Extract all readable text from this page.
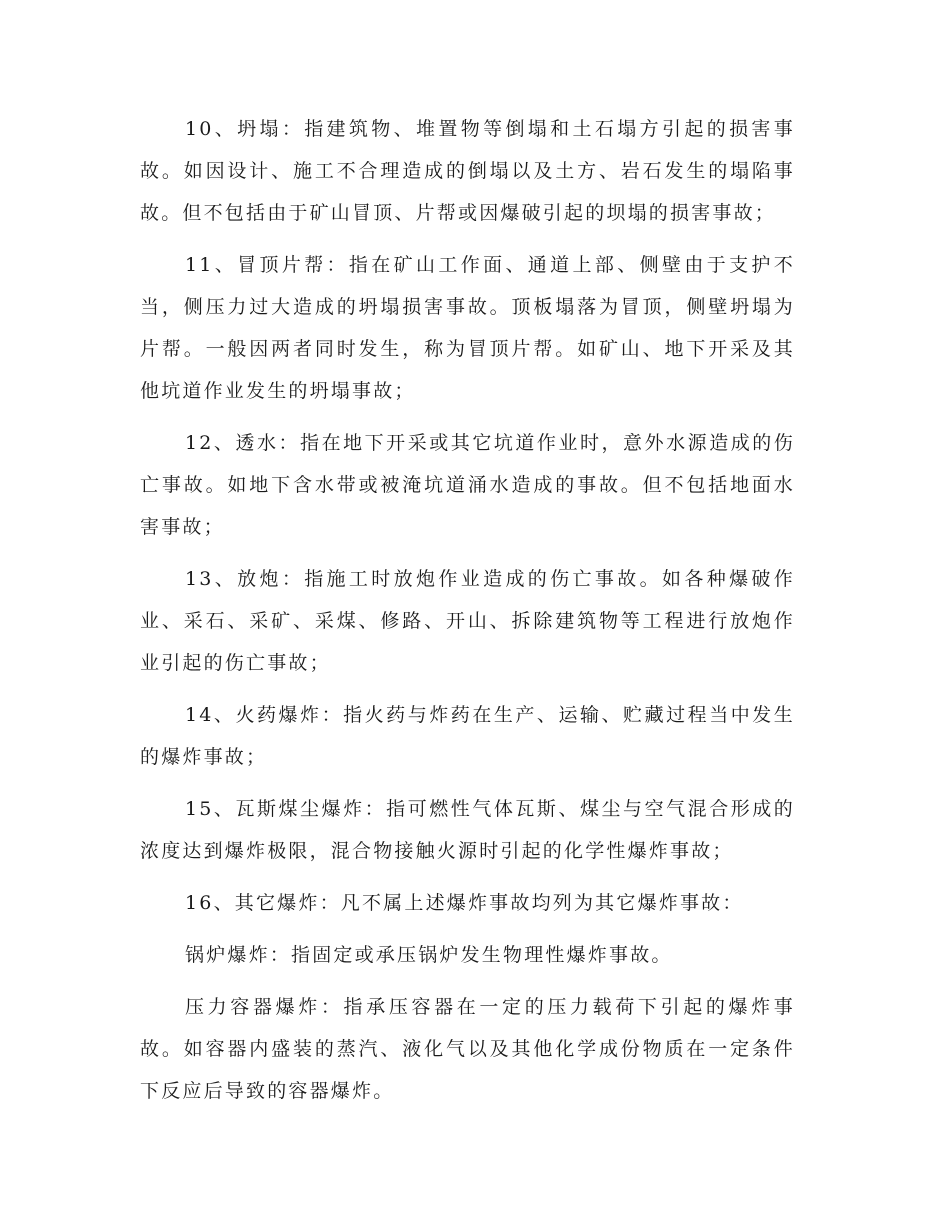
10、坍塌：指建筑物、堆置物等倒塌和土石塌方引起的损害事故。如因设计、施工不合理造成的倒塌以及土方、岩石发生的塌陷事故。但不包括由于矿山冒顶、片帮或因爆破引起的坝塌的损害事故；

11、冒顶片帮：指在矿山工作面、通道上部、侧壁由于支护不当，侧压力过大造成的坍塌损害事故。顶板塌落为冒顶，侧壁坍塌为片帮。一般因两者同时发生，称为冒顶片帮。如矿山、地下开采及其他坑道作业发生的坍塌事故；

12、透水：指在地下开采或其它坑道作业时，意外水源造成的伤亡事故。如地下含水带或被淹坑道涌水造成的事故。但不包括地面水害事故；

13、放炮：指施工时放炮作业造成的伤亡事故。如各种爆破作业、采石、采矿、采煤、修路、开山、拆除建筑物等工程进行放炮作业引起的伤亡事故；

14、火药爆炸：指火药与炸药在生产、运输、贮藏过程当中发生的爆炸事故；

15、瓦斯煤尘爆炸：指可燃性气体瓦斯、煤尘与空气混合形成的浓度达到爆炸极限，混合物接触火源时引起的化学性爆炸事故；

16、其它爆炸：凡不属上述爆炸事故均列为其它爆炸事故：

锅炉爆炸：指固定或承压锅炉发生物理性爆炸事故。

压力容器爆炸：指承压容器在一定的压力载荷下引起的爆炸事故。如容器内盛装的蒸汽、液化气以及其他化学成份物质在一定条件下反应后导致的容器爆炸。
